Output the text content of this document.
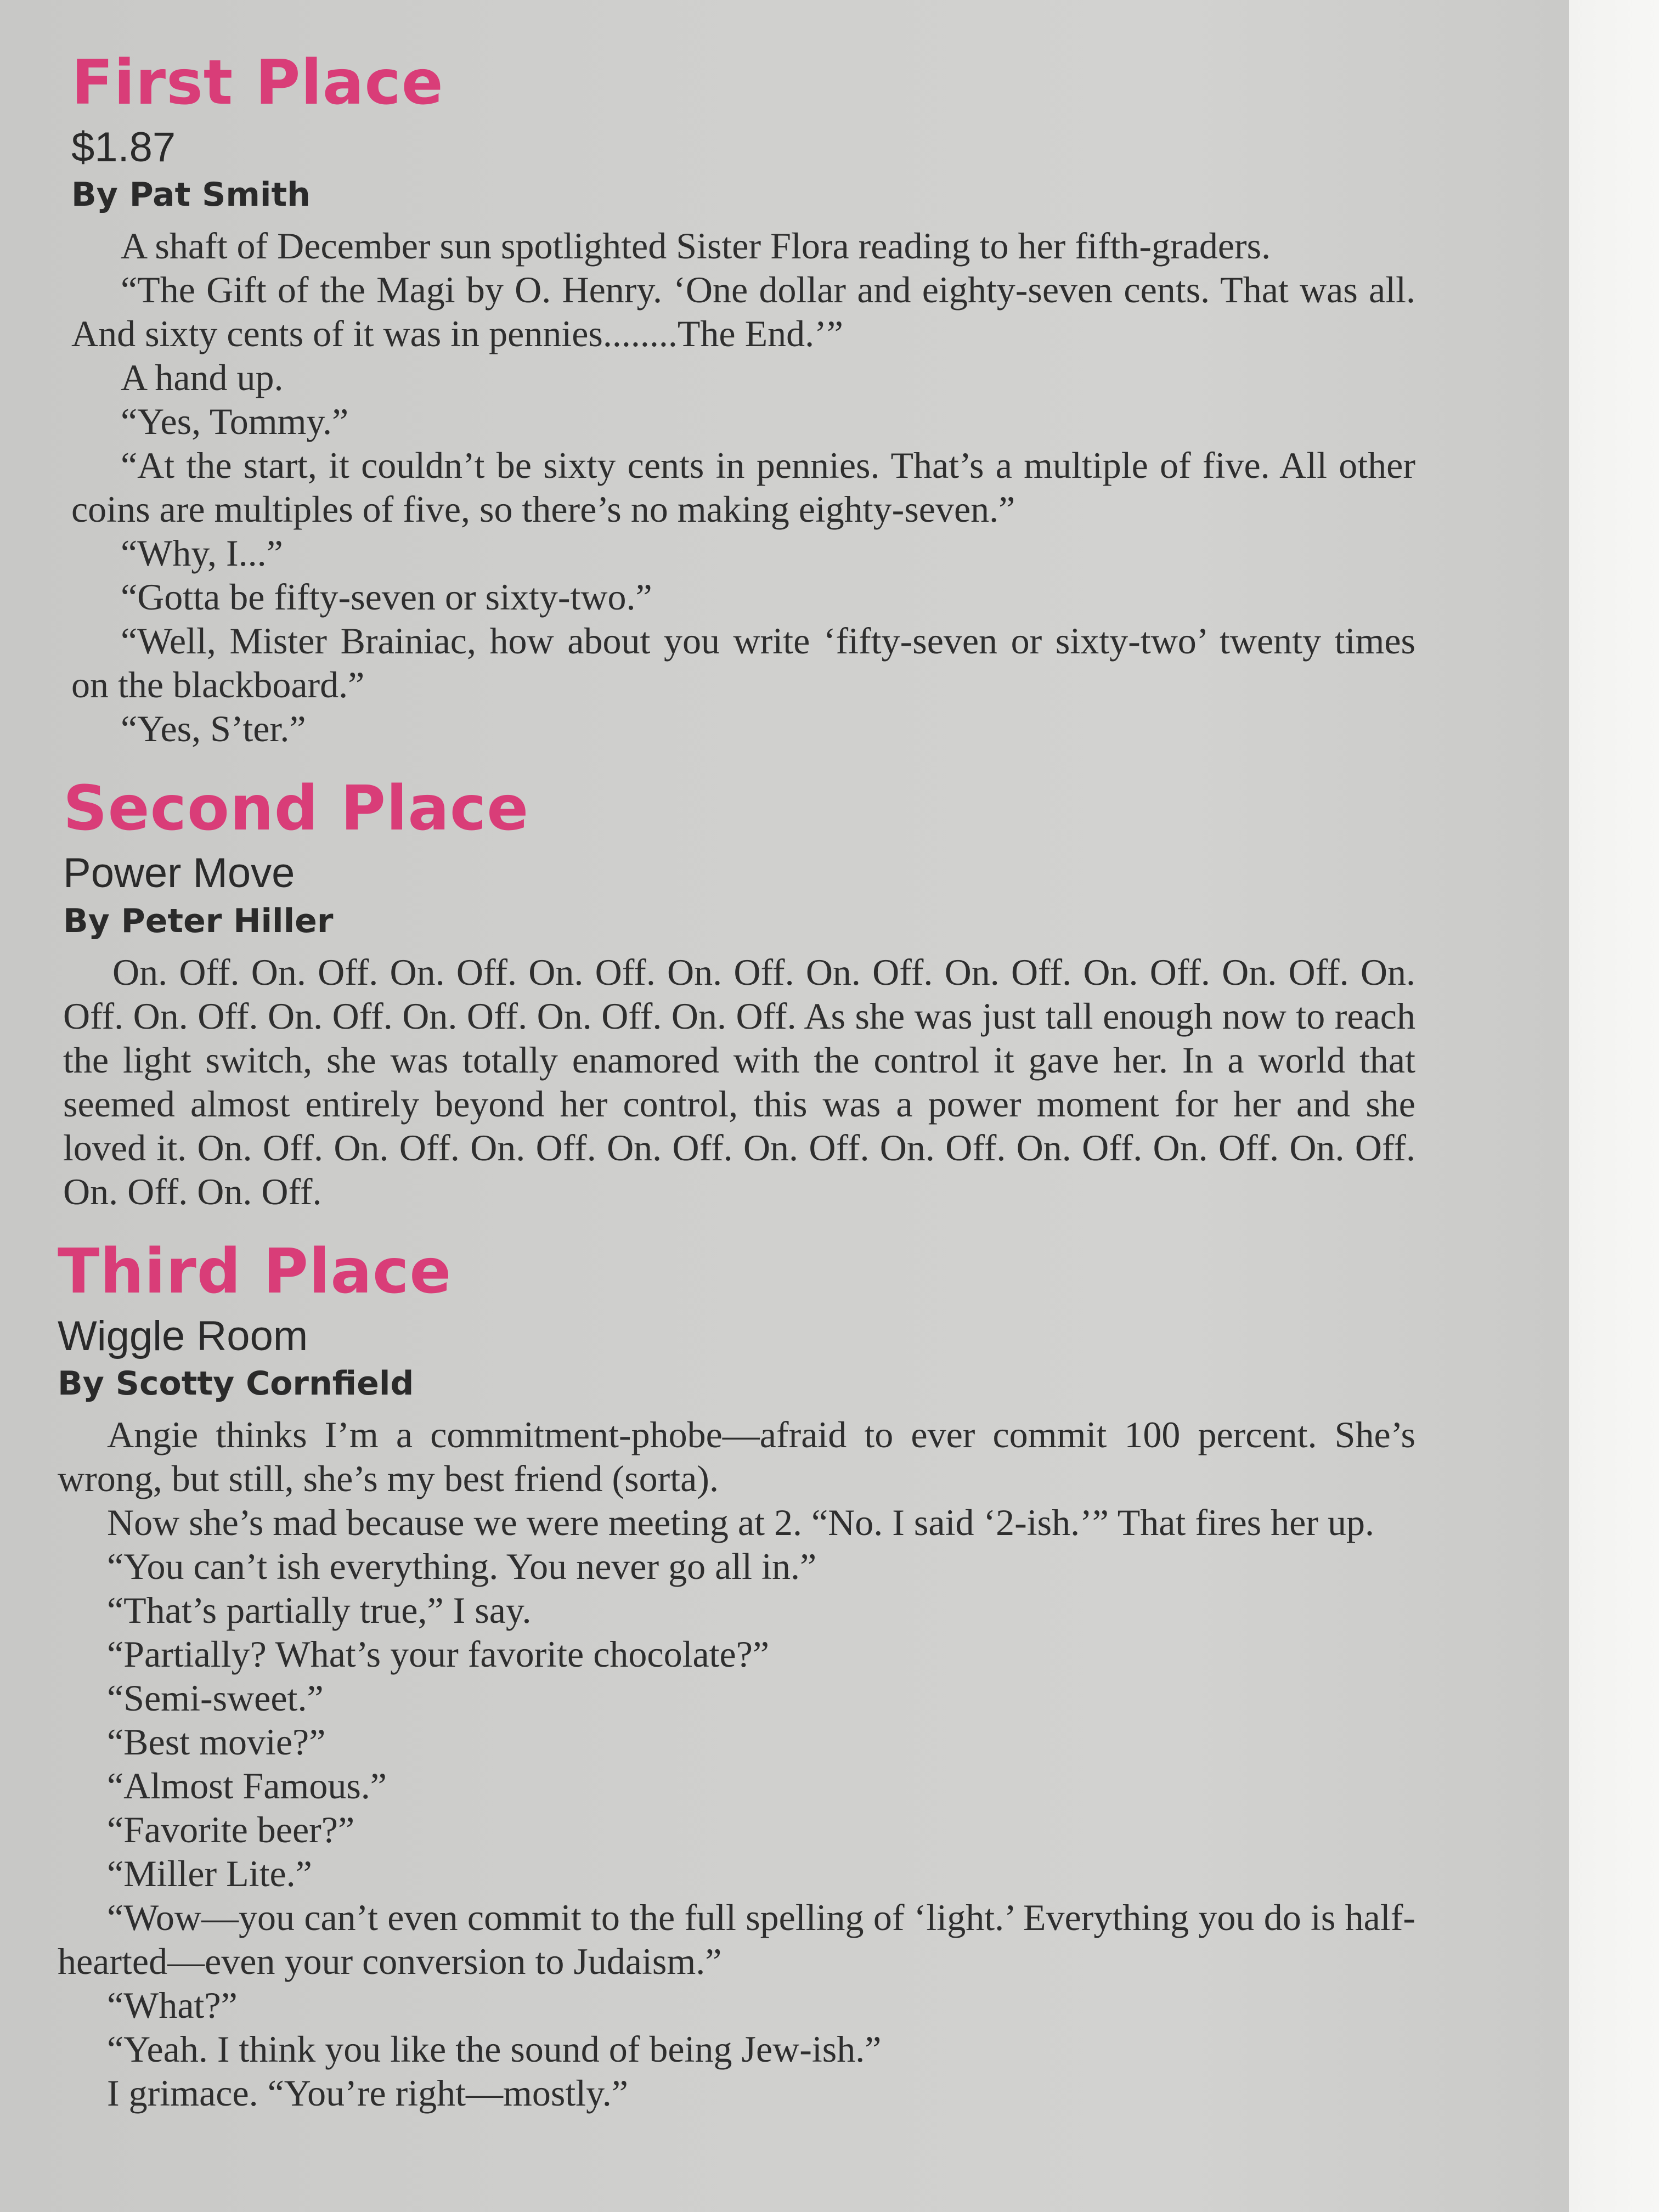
First Place
$1.87
By Pat Smith

A shaft of December sun spotlighted Sister Flora reading to her fifth-graders.

“The Gift of the Magi by O. Henry. ‘One dollar and eighty-seven cents. That was all. And sixty cents of it was in pennies........The End.’”

A hand up.

“Yes, Tommy.”

“At the start, it couldn’t be sixty cents in pennies. That’s a multiple of five. All other coins are multiples of five, so there’s no making eighty-seven.”

“Why, I...”

“Gotta be fifty-seven or sixty-two.”

“Well, Mister Brainiac, how about you write ‘fifty-seven or sixty-two’ twenty times on the blackboard.”

“Yes, S’ter.”

Second Place
Power Move
By Peter Hiller

On. Off. On. Off. On. Off. On. Off. On. Off. On. Off. On. Off. On. Off. On. Off. On. Off. On. Off. On. Off. On. Off. On. Off. On. Off. As she was just tall enough now to reach the light switch, she was totally enamored with the control it gave her. In a world that seemed almost entirely beyond her control, this was a power moment for her and she loved it. On. Off. On. Off. On. Off. On. Off. On. Off. On. Off. On. Off. On. Off. On. Off. On. Off. On. Off.

Third Place
Wiggle Room
By Scotty Cornfield

Angie thinks I’m a commitment-phobe—afraid to ever commit 100 percent. She’s wrong, but still, she’s my best friend (sorta).

Now she’s mad because we were meeting at 2. “No. I said ‘2-ish.’” That fires her up.

“You can’t ish everything. You never go all in.”

“That’s partially true,” I say.

“Partially? What’s your favorite chocolate?”

“Semi-sweet.”

“Best movie?”

“Almost Famous.”

“Favorite beer?”

“Miller Lite.”

“Wow—you can’t even commit to the full spelling of ‘light.’ Everything you do is half-hearted—even your conversion to Judaism.”

“What?”

“Yeah. I think you like the sound of being Jew-ish.”

I grimace. “You’re right—mostly.”
